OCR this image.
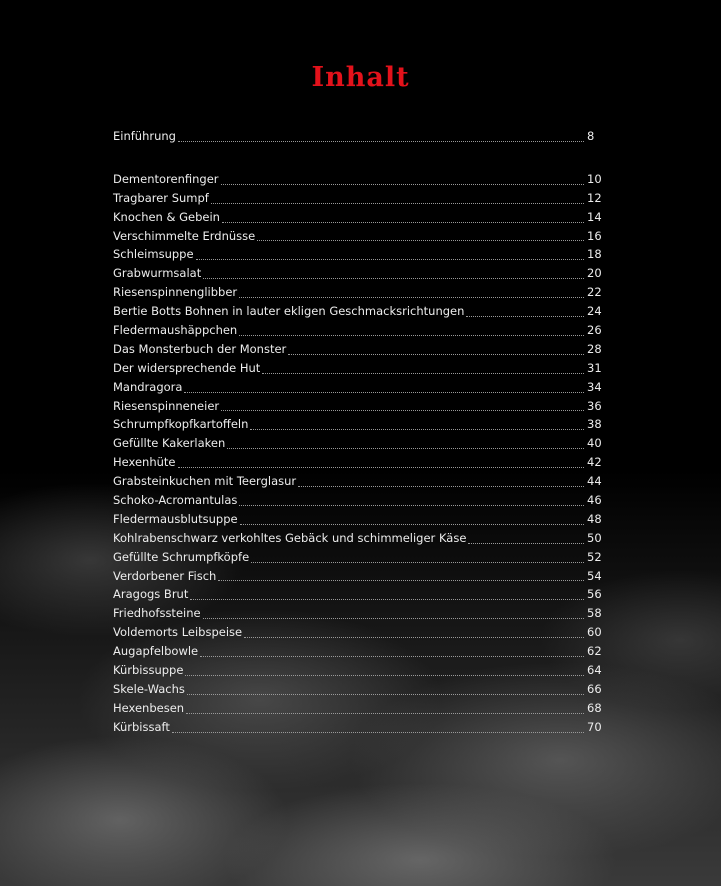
Inhalt
Einführung	8
Dementorenfinger	10
Tragbarer Sumpf	12
Knochen & Gebein	14
Verschimmelte Erdnüsse	16
Schleimsuppe	18
Grabwurmsalat	20
Riesenspinnenglibber	22
Bertie Botts Bohnen in lauter ekligen Geschmacksrichtungen	24
Fledermaushäppchen	26
Das Monsterbuch der Monster	28
Der widersprechende Hut	31
Mandragora	34
Riesenspinneneier	36
Schrumpfkopfkartoffeln	38
Gefüllte Kakerlaken	40
Hexenhüte	42
Grabsteinkuchen mit Teerglasur	44
Schoko-Acromantulas	46
Fledermausblutsuppe	48
Kohlrabenschwarz verkohltes Gebäck und schimmeliger Käse	50
Gefüllte Schrumpfköpfe	52
Verdorbener Fisch	54
Aragogs Brut	56
Friedhofssteine	58
Voldemorts Leibspeise	60
Augapfelbowle	62
Kürbissuppe	64
Skele-Wachs	66
Hexenbesen	68
Kürbissaft	70
